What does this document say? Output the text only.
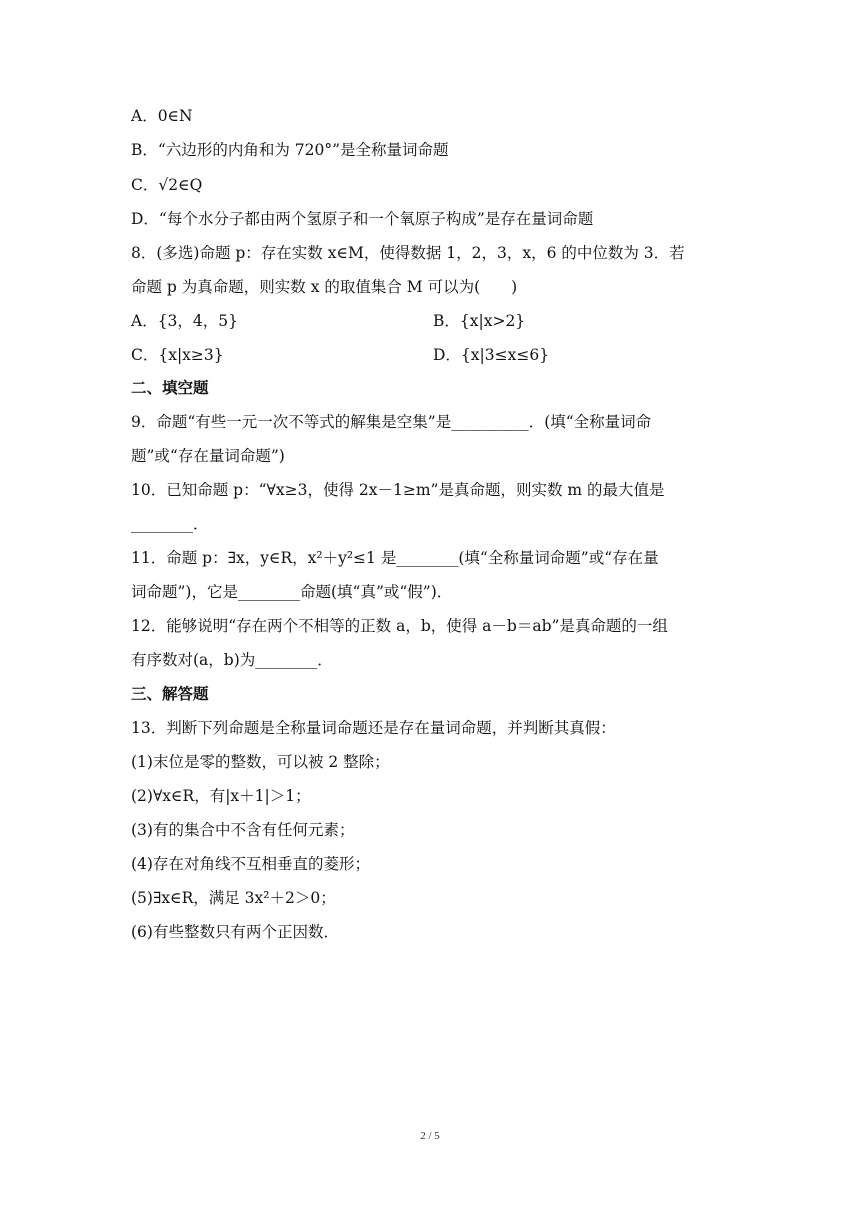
A．0∈N
B．“六边形的内角和为 720°”是全称量词命题
C．√2∈Q
D．“每个水分子都由两个氢原子和一个氧原子构成”是存在量词命题
8．(多选)命题 p：存在实数 x∈M，使得数据 1，2，3，x，6 的中位数为 3．若
命题 p 为真命题，则实数 x 的取值集合 M 可以为(　　)
A．{3，4，5}	B．{x|x>2}
C．{x|x≥3}	D．{x|3≤x≤6}
二、填空题
9．命题“有些一元一次不等式的解集是空集”是__________．(填“全称量词命
题”或“存在量词命题”)
10．已知命题 p：“∀x≥3，使得 2x－1≥m”是真命题，则实数 m 的最大值是
________．
11．命题 p：∃x，y∈R，x²＋y²≤1 是________(填“全称量词命题”或“存在量
词命题”)，它是________命题(填“真”或“假”)．
12．能够说明“存在两个不相等的正数 a，b，使得 a－b＝ab”是真命题的一组
有序数对(a，b)为________．
三、解答题
13．判断下列命题是全称量词命题还是存在量词命题，并判断其真假：
(1)末位是零的整数，可以被 2 整除；
(2)∀x∈R，有|x＋1|＞1；
(3)有的集合中不含有任何元素；
(4)存在对角线不互相垂直的菱形；
(5)∃x∈R，满足 3x²＋2＞0；
(6)有些整数只有两个正因数．
2 / 5
